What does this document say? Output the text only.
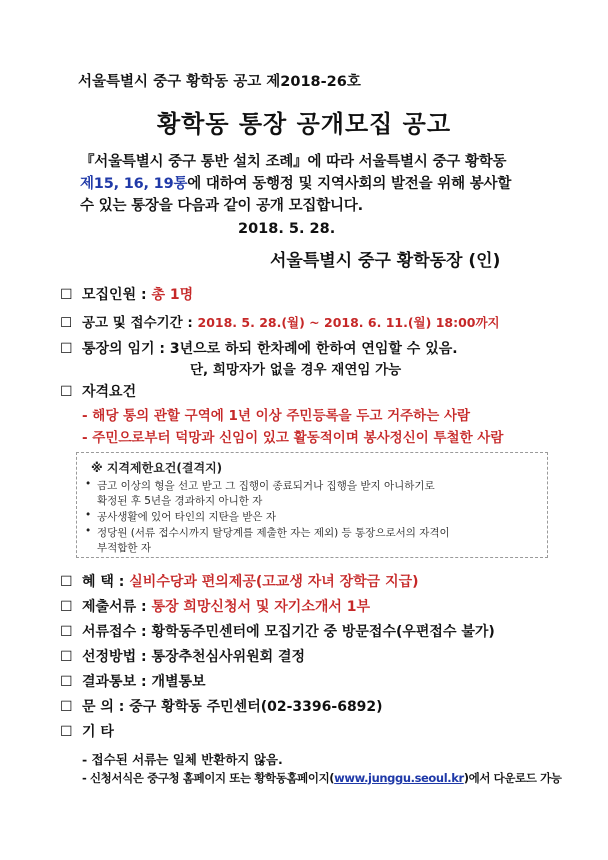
서울특별시 중구 황학동 공고 제2018-26호
황학동 통장 공개모집 공고
『서울특별시 중구 통반 설치 조례』에 따라 서울특별시 중구 황학동
제15, 16, 19통에 대하여 동행정 및 지역사회의 발전을 위해 봉사할
수 있는 통장을 다음과 같이 공개 모집합니다.
2018. 5. 28.
서울특별시 중구 황학동장 (인)
☐ 모집인원 : 총 1명
☐ 공고 및 접수기간 : 2018. 5. 28.(월) ~ 2018. 6. 11.(월) 18:00까지
☐ 통장의 임기 : 3년으로 하되 한차례에 한하여 연임할 수 있음.
단, 희망자가 없을 경우 재연임 가능
☐ 자격요건
- 해당 통의 관할 구역에 1년 이상 주민등록을 두고 거주하는 사람
- 주민으로부터 덕망과 신임이 있고 활동적이며 봉사정신이 투철한 사람
※ 지격제한요건(결격지)
• 금고 이상의 형을 선고 받고 그 집행이 종료되거나 집행을 받지 아니하기로
확정된 후 5년을 경과하지 아니한 자
• 공사생활에 있어 타인의 지탄을 받은 자
• 정당원 (서류 접수시까지 탈당계를 제출한 자는 제외) 등 통장으로서의 자격이
부적합한 자
☐ 혜 택 : 실비수당과 편의제공(고교생 자녀 장학금 지급)
☐ 제출서류 : 통장 희망신청서 및 자기소개서 1부
☐ 서류접수 : 황학동주민센터에 모집기간 중 방문접수(우편접수 불가)
☐ 선정방법 : 통장추천심사위원회 결정
☐ 결과통보 : 개별통보
☐ 문 의 : 중구 황학동 주민센터(02-3396-6892)
☐ 기 타
- 접수된 서류는 일체 반환하지 않음.
- 신청서식은 중구청 홈페이지 또는 황학동홈페이지(www.junggu.seoul.kr)에서 다운로드 가능
